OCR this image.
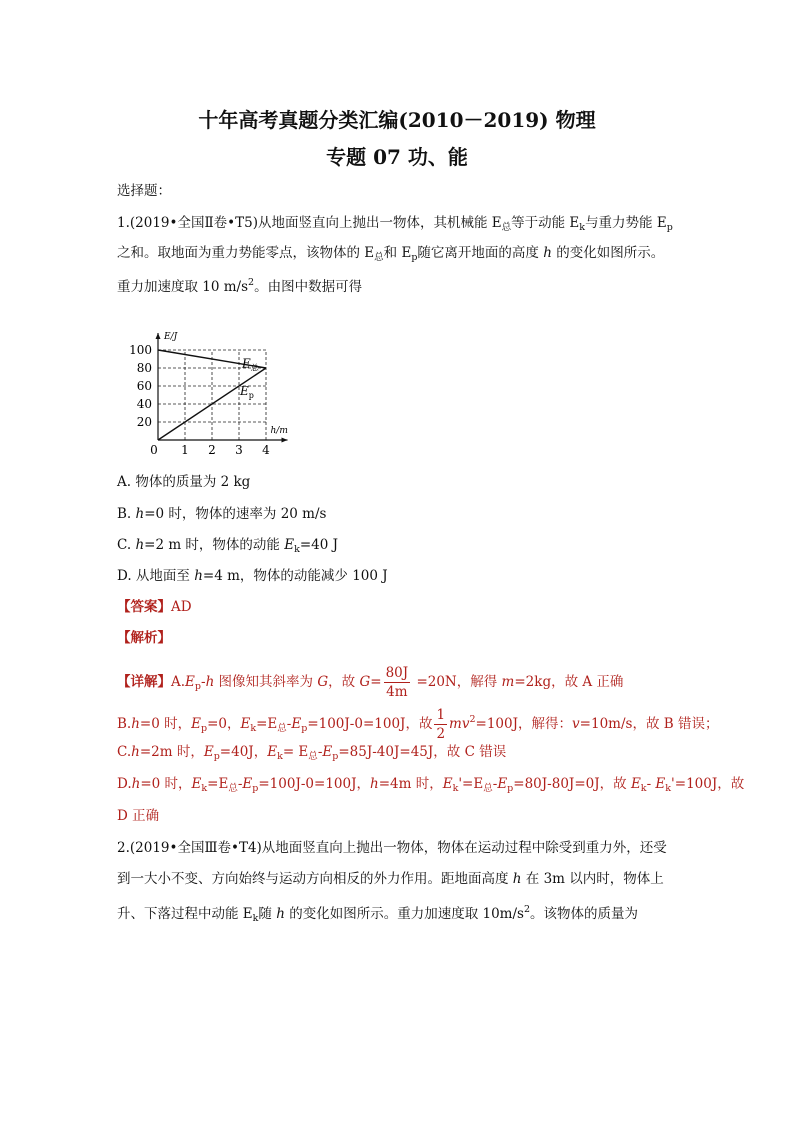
十年高考真题分类汇编(2010－2019) 物理
专题 07 功、能
选择题：
1.(2019•全国Ⅱ卷•T5)从地面竖直向上抛出一物体，其机械能 $E_总$等于动能 $E_k$与重力势能 $E_p$
之和。取地面为重力势能零点，该物体的 $E_总$和 $E_p$随它离开地面的高度 h 的变化如图所示。
重力加速度取 10 $m/s^2$。由图中数据可得
E/J
h/m
0 1 2 3 4
20
40
60
80
100
$E_总$
$E_p$
A. 物体的质量为 2 kg
B. h=0 时，物体的速率为 20 m/s
C. h=2 m 时，物体的动能 $E_k=40$ J
D. 从地面至 h=4 m，物体的动能减少 100 J
【答案】AD
【解析】
【详解】$A.E_p-h$ 图像知其斜率为 G，故 $G= \frac{80J}{4m} =20N$，解得 m=2kg，故 A 正确
B.h=0 时，$E_p=0$，$E_k=E_总-E_p=100J-0=100J$，故 $\frac{1}{2} mv^2=100J$，解得：v=10m/s，故 B 错误；
C.h=2m 时，$E_p=40J$，$E_k= E_总-E_p=85J-40J=45J$，故 C 错误
D.h=0 时，$E_k=E_总-E_p=100J-0=100J$，h=4m 时，$E_k'=E_总-E_p=80J-80J=0J$，故 $E_k-$ $E_k'=100J$，故
D 正确
2.(2019•全国Ⅲ卷•T4)从地面竖直向上抛出一物体，物体在运动过程中除受到重力外，还受
到一大小不变、方向始终与运动方向相反的外力作用。距地面高度 h 在 3m 以内时，物体上
升、下落过程中动能 $E_k$随 h 的变化如图所示。重力加速度取 $10m/s^2$。该物体的质量为
